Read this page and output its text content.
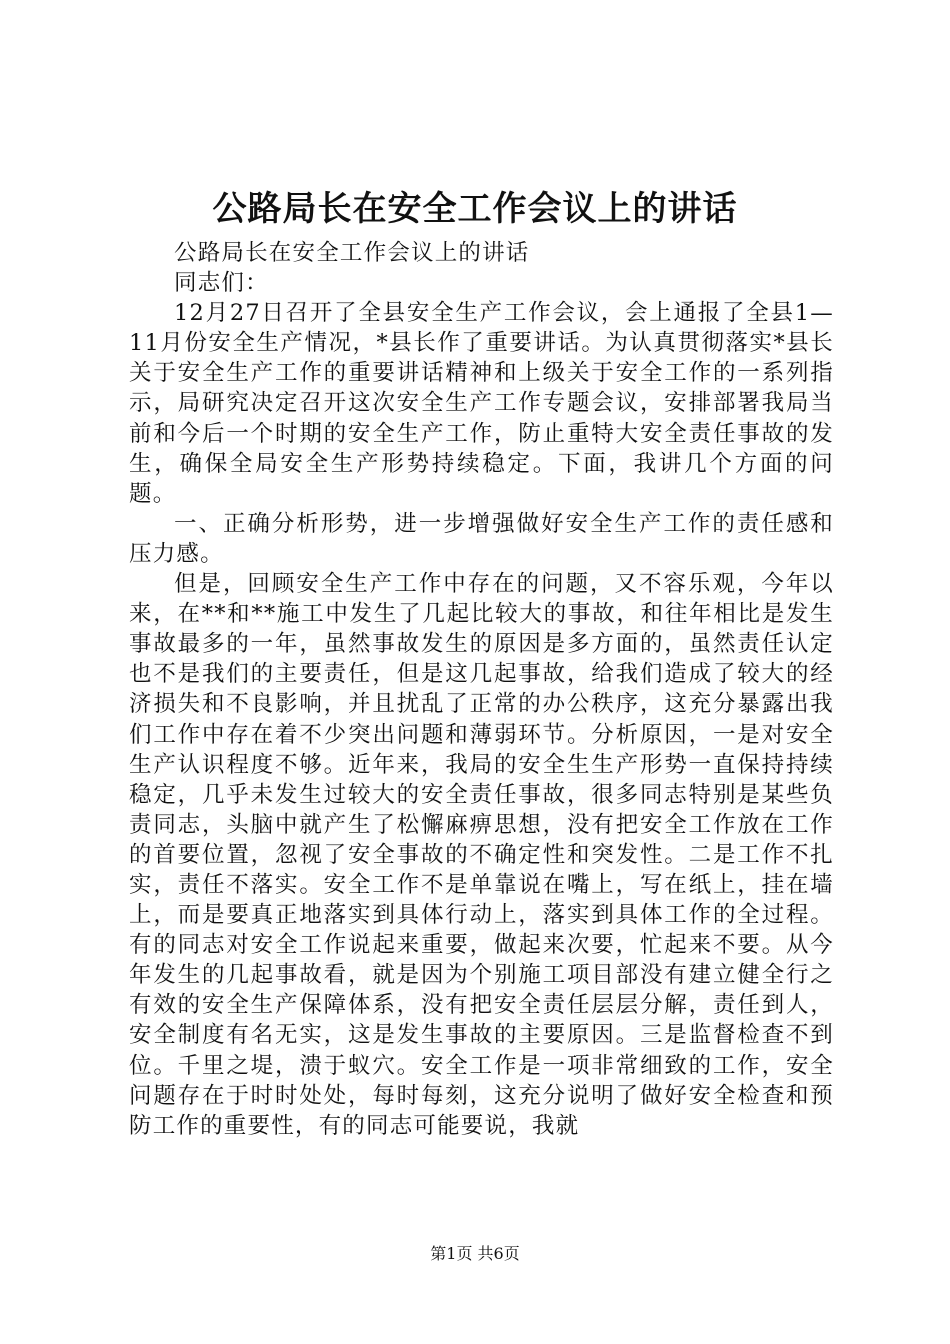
公路局长在安全工作会议上的讲话

公路局长在安全工作会议上的讲话

同志们：

12月27日召开了全县安全生产工作会议，会上通报了全县1—11月份安全生产情况，*县长作了重要讲话。为认真贯彻落实*县长关于安全生产工作的重要讲话精神和上级关于安全工作的一系列指示，局研究决定召开这次安全生产工作专题会议，安排部署我局当前和今后一个时期的安全生产工作，防止重特大安全责任事故的发生，确保全局安全生产形势持续稳定。下面，我讲几个方面的问题。

一、正确分析形势，进一步增强做好安全生产工作的责任感和压力感。

但是，回顾安全生产工作中存在的问题，又不容乐观，今年以来，在**和**施工中发生了几起比较大的事故，和往年相比是发生事故最多的一年，虽然事故发生的原因是多方面的，虽然责任认定也不是我们的主要责任，但是这几起事故，给我们造成了较大的经济损失和不良影响，并且扰乱了正常的办公秩序，这充分暴露出我们工作中存在着不少突出问题和薄弱环节。分析原因，一是对安全生产认识程度不够。近年来，我局的安全生生产形势一直保持持续稳定，几乎未发生过较大的安全责任事故，很多同志特别是某些负责同志，头脑中就产生了松懈麻痹思想，没有把安全工作放在工作的首要位置，忽视了安全事故的不确定性和突发性。二是工作不扎实，责任不落实。安全工作不是单靠说在嘴上，写在纸上，挂在墙上，而是要真正地落实到具体行动上，落实到具体工作的全过程。有的同志对安全工作说起来重要，做起来次要，忙起来不要。从今年发生的几起事故看，就是因为个别施工项目部没有建立健全行之有效的安全生产保障体系，没有把安全责任层层分解，责任到人，安全制度有名无实，这是发生事故的主要原因。三是监督检查不到位。千里之堤，溃于蚁穴。安全工作是一项非常细致的工作，安全问题存在于时时处处，每时每刻，这充分说明了做好安全检查和预防工作的重要性，有的同志可能要说，我就

第1页 共6页
